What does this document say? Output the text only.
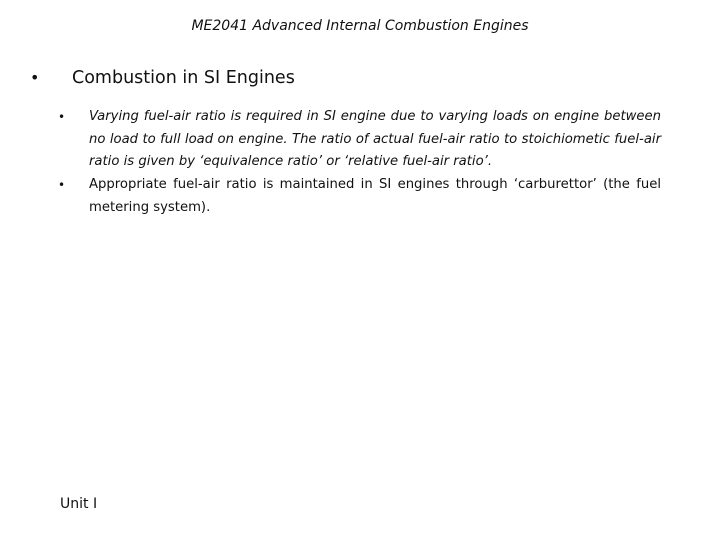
ME2041 Advanced Internal Combustion Engines
•	Combustion in SI Engines
•	Varying fuel-air ratio is required in SI engine due to varying loads on engine between no load to full load on engine. The ratio of actual fuel-air ratio to stoichiometic fuel-air ratio is given by ‘equivalence ratio’ or ‘relative fuel-air ratio’.
•	Appropriate fuel-air ratio is maintained in SI engines through ‘carburettor’ (the fuel metering system).
Unit I
